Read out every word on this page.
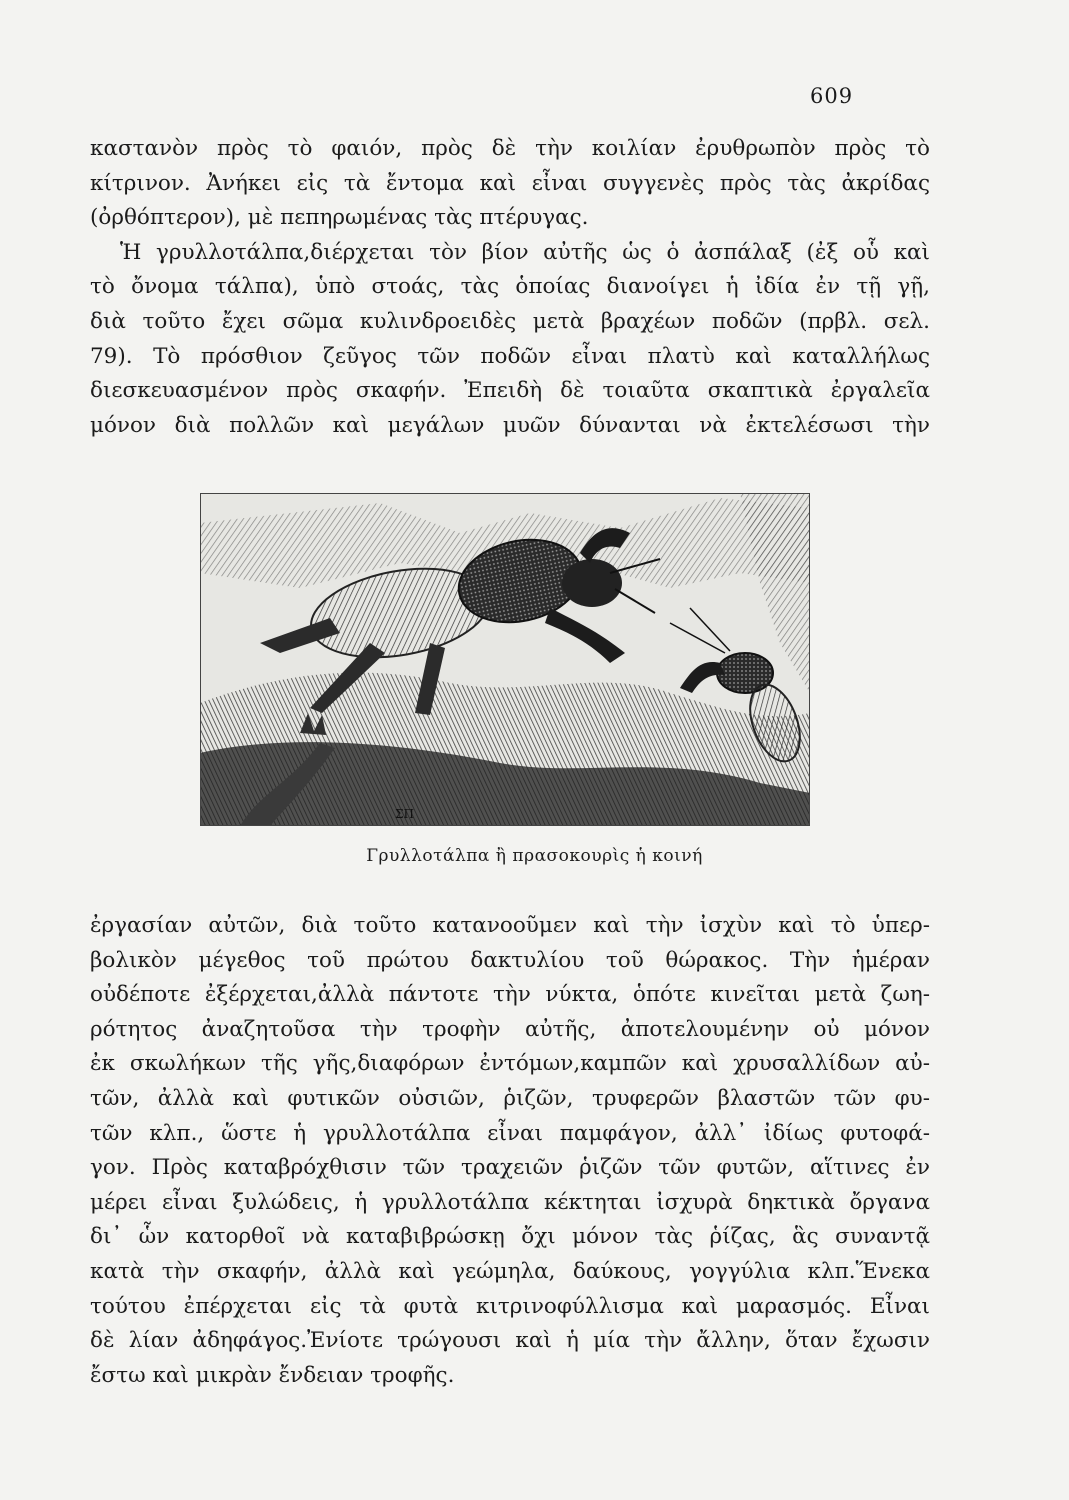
609
καστανὸν πρὸς τὸ φαιόν, πρὸς δὲ τὴν κοιλίαν ἐρυθρωπὸν πρὸς τὸ
κίτρινον. Ἀνήκει εἰς τὰ ἔντομα καὶ εἶναι συγγενὲς πρὸς τὰς ἀκρίδας
(ὀρθόπτερον), μὲ πεπηρωμένας τὰς πτέρυγας.
Ἡ γρυλλοτάλπα,διέρχεται τὸν βίον αὐτῆς ὡς ὁ ἀσπάλαξ (ἐξ οὗ καὶ
τὸ ὄνομα τάλπα), ὑπὸ στοάς, τὰς ὁποίας διανοίγει ἡ ἰδία ἐν τῇ γῇ,
διὰ τοῦτο ἔχει σῶμα κυλινδροειδὲς μετὰ βραχέων ποδῶν (πρβλ. σελ.
79). Τὸ πρόσθιον ζεῦγος τῶν ποδῶν εἶναι πλατὺ καὶ καταλλήλως
διεσκευασμένον πρὸς σκαφήν. Ἐπειδὴ δὲ τοιαῦτα σκαπτικὰ ἐργαλεῖα
μόνον διὰ πολλῶν καὶ μεγάλων μυῶν δύνανται νὰ ἐκτελέσωσι τὴν
ΣΠ
Γρυλλοτάλπα ἢ πρασοκουρὶς ἡ κοινή
ἐργασίαν αὐτῶν, διὰ τοῦτο κατανοοῦμεν καὶ τὴν ἰσχὺν καὶ τὸ ὑπερ-
βολικὸν μέγεθος τοῦ πρώτου δακτυλίου τοῦ θώρακος. Τὴν ἡμέραν
οὐδέποτε ἐξέρχεται,ἀλλὰ πάντοτε τὴν νύκτα, ὁπότε κινεῖται μετὰ ζωη-
ρότητος ἀναζητοῦσα τὴν τροφὴν αὐτῆς, ἀποτελουμένην οὐ μόνον
ἐκ σκωλήκων τῆς γῆς,διαφόρων ἐντόμων,καμπῶν καὶ χρυσαλλίδων αὐ-
τῶν, ἀλλὰ καὶ φυτικῶν οὐσιῶν, ῥιζῶν, τρυφερῶν βλαστῶν τῶν φυ-
τῶν κλπ., ὥστε ἡ γρυλλοτάλπα εἶναι παμφάγον, ἀλλ᾽ ἰδίως φυτοφά-
γον. Πρὸς καταβρόχθισιν τῶν τραχειῶν ῥιζῶν τῶν φυτῶν, αἵτινες ἐν
μέρει εἶναι ξυλώδεις, ἡ γρυλλοτάλπα κέκτηται ἰσχυρὰ δηκτικὰ ὄργανα
δι᾽ ὧν κατορθοῖ νὰ καταβιβρώσκῃ ὄχι μόνον τὰς ῥίζας, ἃς συναντᾷ
κατὰ τὴν σκαφήν, ἀλλὰ καὶ γεώμηλα, δαύκους, γογγύλια κλπ.Ἕνεκα
τούτου ἐπέρχεται εἰς τὰ φυτὰ κιτρινοφύλλισμα καὶ μαρασμός. Εἶναι
δὲ λίαν ἀδηφάγος.Ἐνίοτε τρώγουσι καὶ ἡ μία τὴν ἄλλην, ὅταν ἔχωσιν
ἔστω καὶ μικρὰν ἔνδειαν τροφῆς.
